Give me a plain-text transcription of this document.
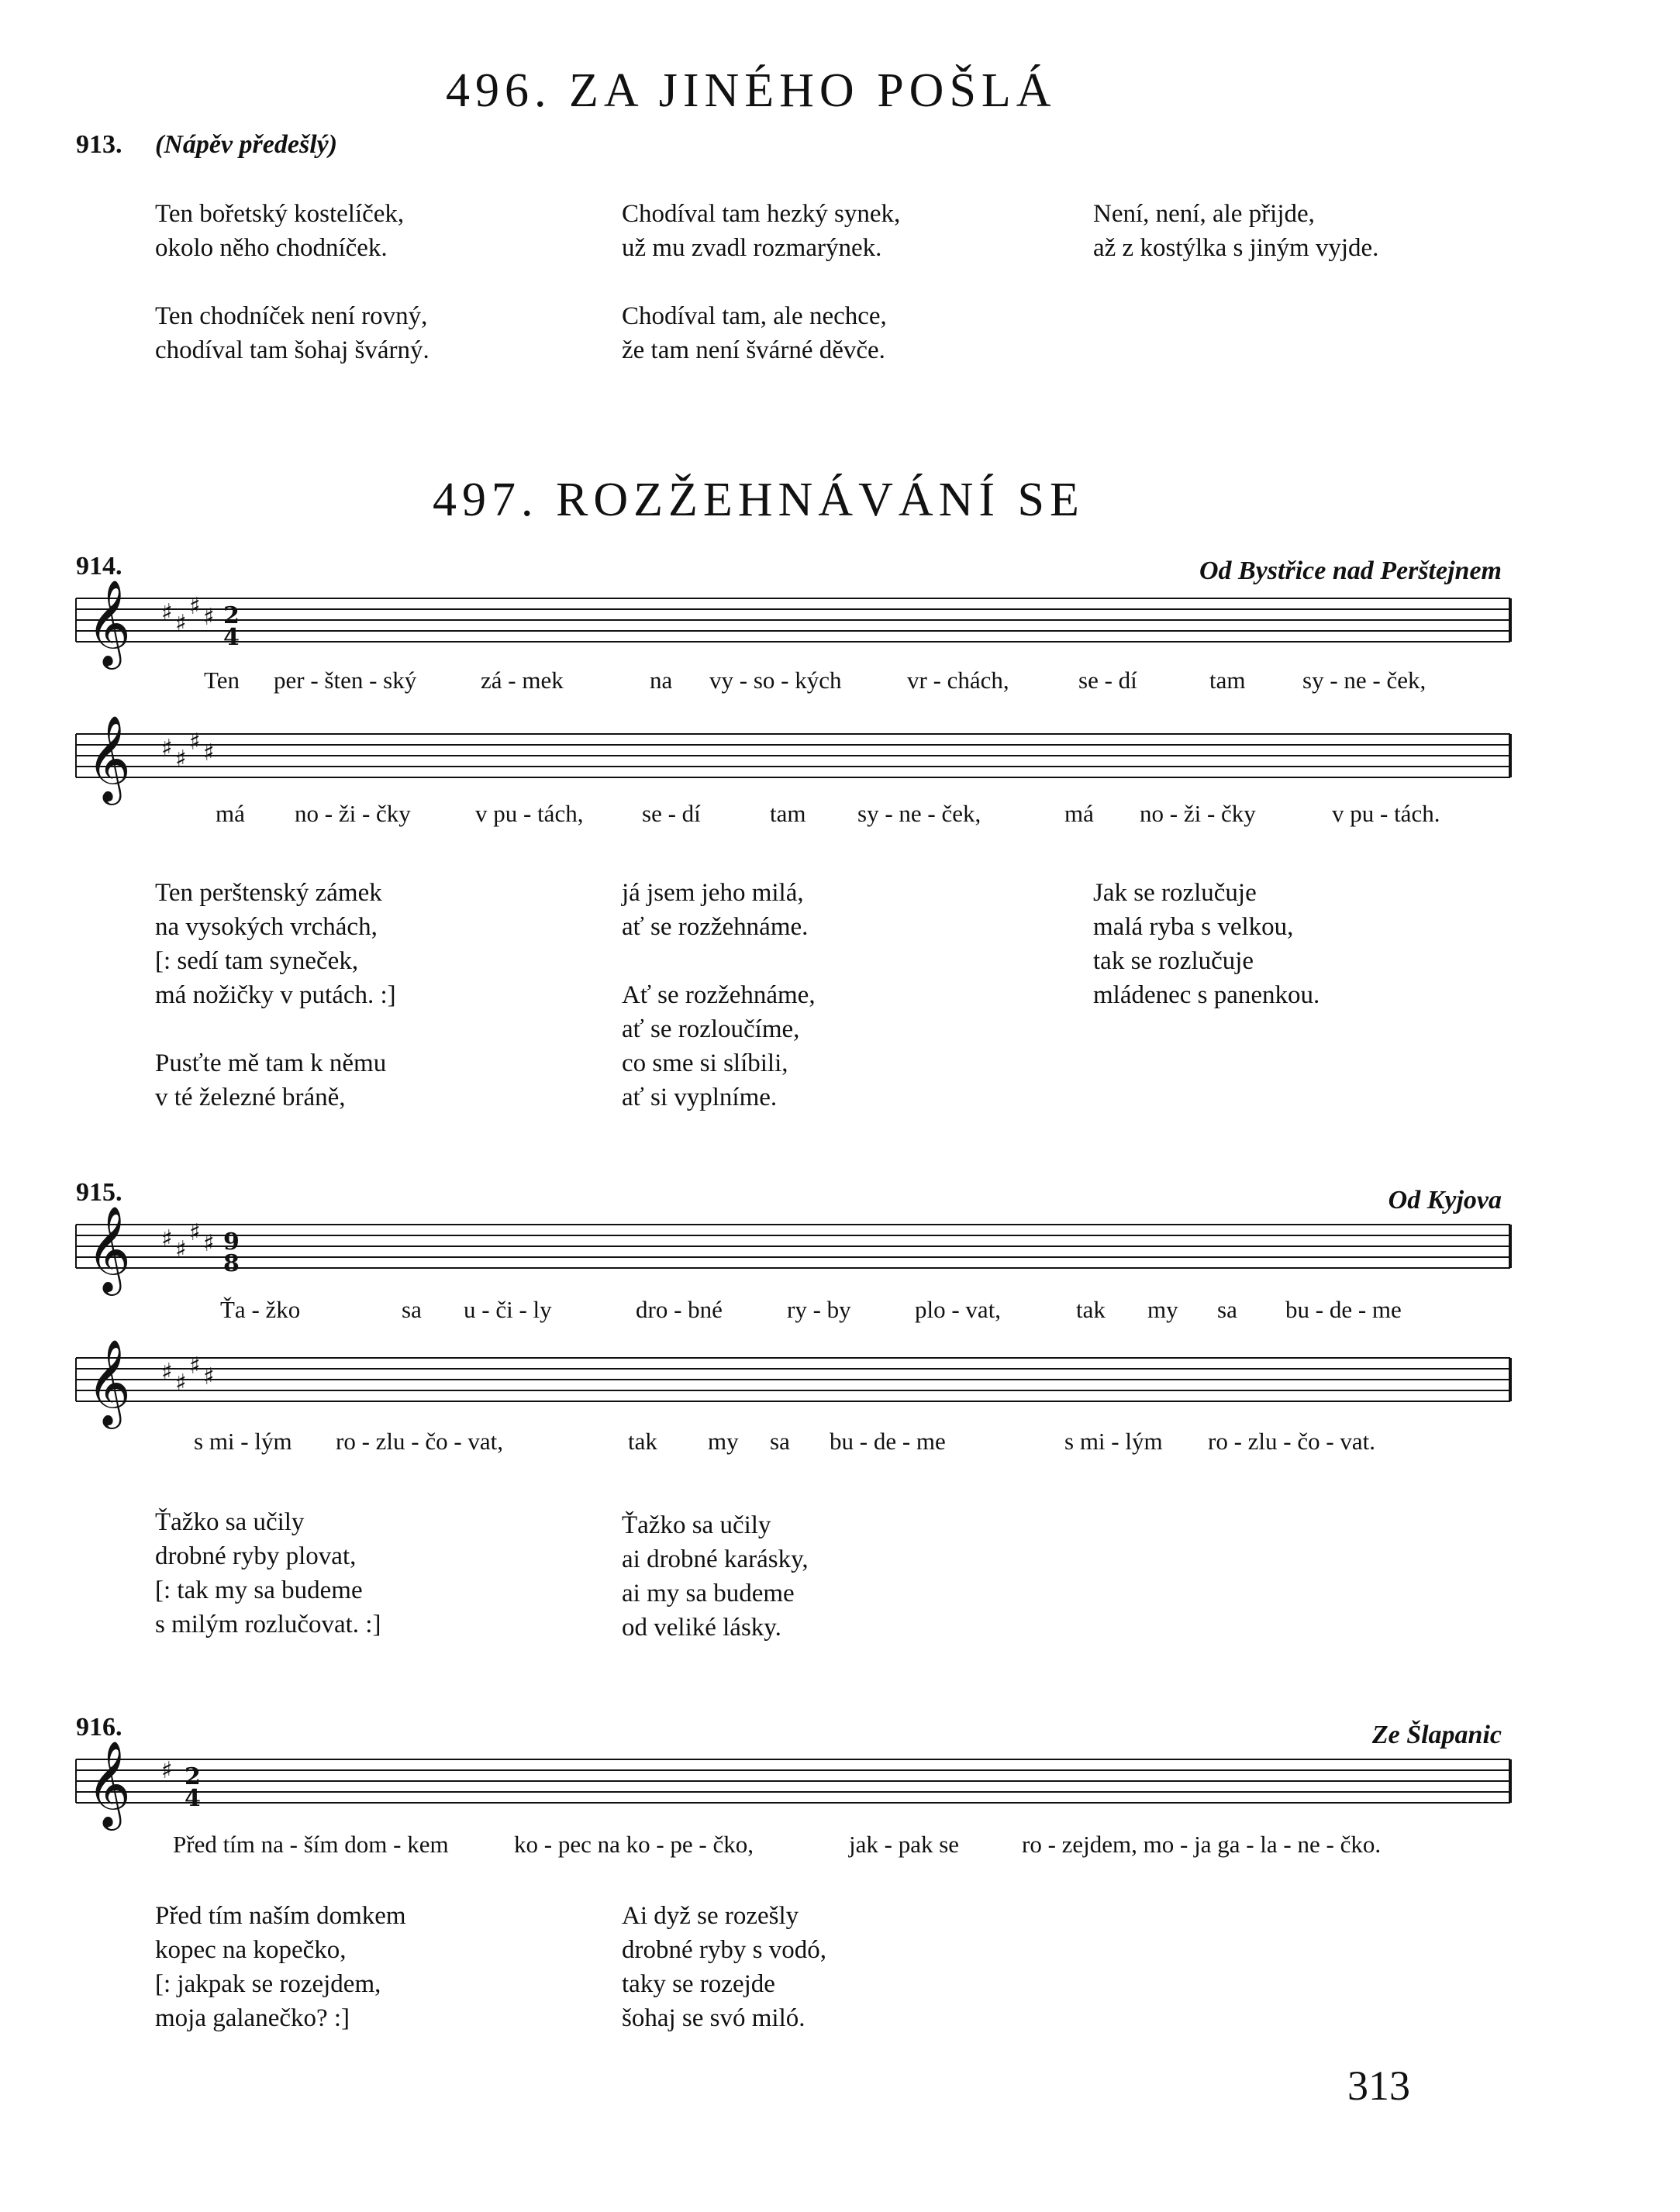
496. ZA JINÉHO POŠLÁ
913. (Nápěv předešlý)
Ten bořetský kostelíček,
okolo něho chodníček.
Ten chodníček není rovný,
chodíval tam šohaj švárný.
Chodíval tam hezký synek,
už mu zvadl rozmarýnek.
Chodíval tam, ale nechce,
že tam není švárné děvče.
Není, není, ale přijde,
až z kostýlka s jiným vyjde.
497. ROZŽEHNÁVÁNÍ SE
914.	Od Bystřice nad Perštejnem
𝄞 ♯ ♯
♯ ♯ 2
4
Ten per - šten - ský	zá - mek	na vy - so - kých	vr - chách,	se - dí	tam sy - ne - ček,
𝄞 ♯ ♯
♯ ♯
má no - ži - čky	v pu - tách, se - dí	tam sy - ne - ček,	má no - ži - čky	v pu - tách.
Ten perštenský zámek
na vysokých vrchách,
[: sedí tam syneček,
má nožičky v putách. :]
Pusťte mě tam k němu
v té železné bráně,
já jsem jeho milá,
ať se rozžehnáme.
Ať se rozžehnáme,
ať se rozloučíme,
co sme si slíbili,
ať si vyplníme.
Jak se rozlučuje
malá ryba s velkou,
tak se rozlučuje
mládenec s panenkou.
915.	Od Kyjova
𝄞 ♯ ♯
♯ ♯ 9
8
Ťa - žko	sa u - či - ly	dro - bné	ry - by	plo - vat,	tak my sa bu - de - me
𝄞 ♯ ♯
♯ ♯
s mi - lým ro - zlu - čo - vat,	tak my sa bu - de - me	s mi - lým ro - zlu - čo - vat.
Ťažko sa učily
drobné ryby plovat,
[: tak my sa budeme
s milým rozlučovat. :]
Ťažko sa učily
ai drobné karásky,
ai my sa budeme
od veliké lásky.
916.	Ze Šlapanic
𝄞 ♯ 2
4
Před tím na - ším dom - kem	ko - pec na ko - pe - čko,	jak - pak se	ro - zejdem, mo - ja ga - la - ne - čko.
Před tím naším domkem
kopec na kopečko,
[: jakpak se rozejdem,
moja galanečko? :]
Ai dyž se rozešly
drobné ryby s vodó,
taky se rozejde
šohaj se svó miló.
313
